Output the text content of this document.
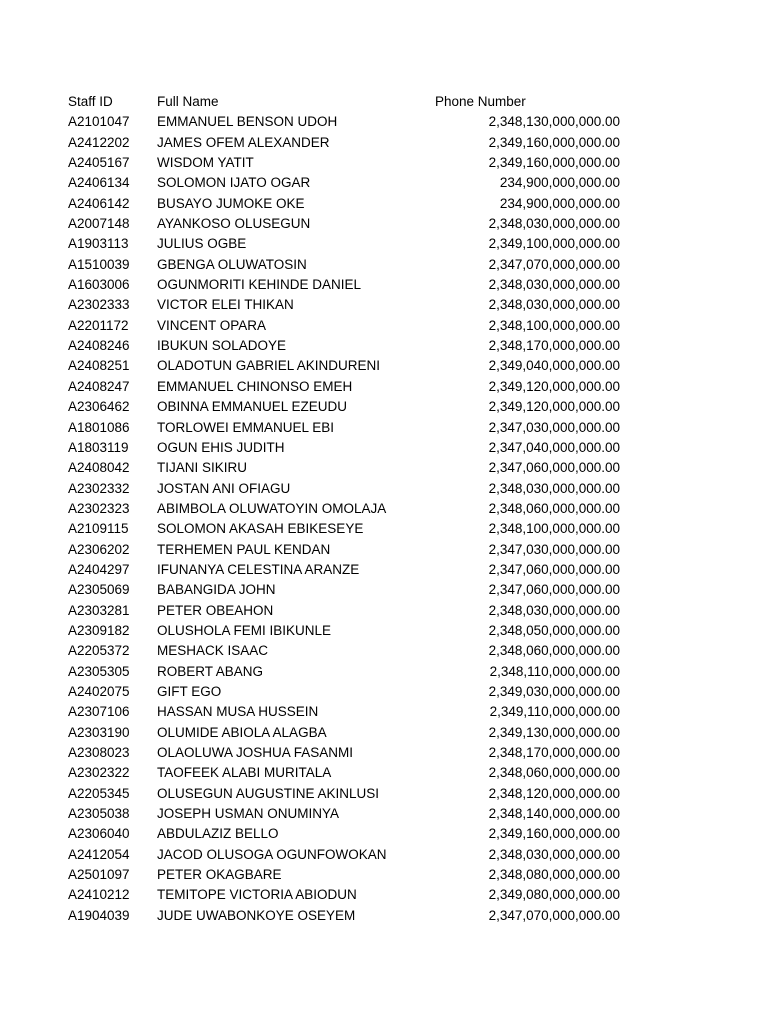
Staff ID	Full Name	Phone Number
A2101047 EMMANUEL BENSON UDOH	2,348,130,000,000.00
A2412202 JAMES OFEM ALEXANDER	2,349,160,000,000.00
A2405167 WISDOM YATIT	2,349,160,000,000.00
A2406134 SOLOMON IJATO OGAR	234,900,000,000.00
A2406142 BUSAYO JUMOKE OKE	234,900,000,000.00
A2007148 AYANKOSO OLUSEGUN	2,348,030,000,000.00
A1903113 JULIUS OGBE	2,349,100,000,000.00
A1510039 GBENGA OLUWATOSIN	2,347,070,000,000.00
A1603006 OGUNMORITI KEHINDE DANIEL	2,348,030,000,000.00
A2302333 VICTOR ELEI THIKAN	2,348,030,000,000.00
A2201172 VINCENT OPARA	2,348,100,000,000.00
A2408246 IBUKUN SOLADOYE	2,348,170,000,000.00
A2408251 OLADOTUN GABRIEL AKINDURENI	2,349,040,000,000.00
A2408247 EMMANUEL CHINONSO EMEH	2,349,120,000,000.00
A2306462 OBINNA EMMANUEL EZEUDU	2,349,120,000,000.00
A1801086 TORLOWEI EMMANUEL EBI	2,347,030,000,000.00
A1803119 OGUN EHIS JUDITH	2,347,040,000,000.00
A2408042 TIJANI SIKIRU	2,347,060,000,000.00
A2302332 JOSTAN ANI OFIAGU	2,348,030,000,000.00
A2302323 ABIMBOLA OLUWATOYIN OMOLAJA	2,348,060,000,000.00
A2109115 SOLOMON AKASAH EBIKESEYE	2,348,100,000,000.00
A2306202 TERHEMEN PAUL KENDAN	2,347,030,000,000.00
A2404297 IFUNANYA CELESTINA ARANZE	2,347,060,000,000.00
A2305069 BABANGIDA JOHN	2,347,060,000,000.00
A2303281 PETER OBEAHON	2,348,030,000,000.00
A2309182 OLUSHOLA FEMI IBIKUNLE	2,348,050,000,000.00
A2205372 MESHACK ISAAC	2,348,060,000,000.00
A2305305 ROBERT ABANG	2,348,110,000,000.00
A2402075 GIFT EGO	2,349,030,000,000.00
A2307106 HASSAN MUSA HUSSEIN	2,349,110,000,000.00
A2303190 OLUMIDE ABIOLA ALAGBA	2,349,130,000,000.00
A2308023 OLAOLUWA JOSHUA FASANMI	2,348,170,000,000.00
A2302322 TAOFEEK ALABI MURITALA	2,348,060,000,000.00
A2205345 OLUSEGUN AUGUSTINE AKINLUSI	2,348,120,000,000.00
A2305038 JOSEPH USMAN ONUMINYA	2,348,140,000,000.00
A2306040 ABDULAZIZ BELLO	2,349,160,000,000.00
A2412054 JACOD OLUSOGA OGUNFOWOKAN	2,348,030,000,000.00
A2501097 PETER OKAGBARE	2,348,080,000,000.00
A2410212 TEMITOPE VICTORIA ABIODUN	2,349,080,000,000.00
A1904039 JUDE UWABONKOYE OSEYEM	2,347,070,000,000.00
